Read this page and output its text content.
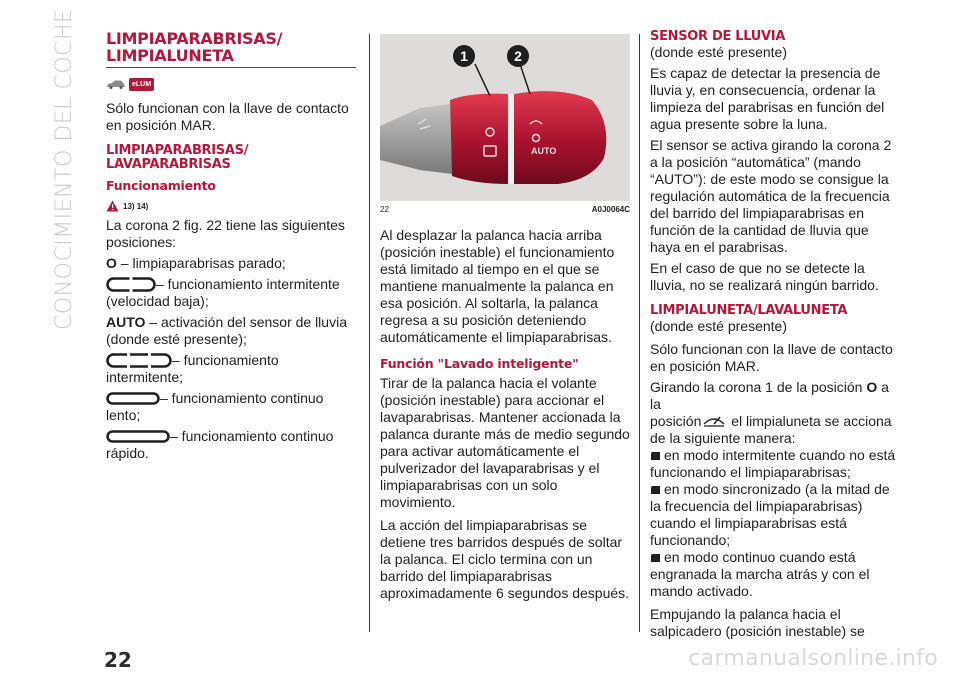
CONOCIMIENTO DEL COCHE	LIMPIAPARABRISAS/ LIMPIALUNETA
eLUM

Sólo funcionan con la llave de contacto en posición MAR.

LIMPIAPARABRISAS/ LAVAPARABRISAS
Funcionamiento
13) 14)

La corona 2 fig. 22 tiene las siguientes posiciones:

O – limpiaparabrisas parado;
– funcionamiento intermitente
(velocidad baja);
AUTO – activación del sensor de lluvia
(donde esté presente);
– funcionamiento
intermitente;
– funcionamiento continuo
lento;
– funcionamiento continuo
rápido.
AUTO
1	2
22	A0J0064C

Al desplazar la palanca hacia arriba (posición inestable) el funcionamiento está limitado al tiempo en el que se mantiene manualmente la palanca en esa posición. Al soltarla, la palanca regresa a su posición deteniendo automáticamente el limpiaparabrisas.

Función "Lavado inteligente"

Tirar de la palanca hacia el volante (posición inestable) para accionar el lavaparabrisas. Mantener accionada la palanca durante más de medio segundo para activar automáticamente el pulverizador del lavaparabrisas y el limpiaparabrisas con un solo movimiento.

La acción del limpiaparabrisas se detiene tres barridos después de soltar la palanca. El ciclo termina con un barrido del limpiaparabrisas aproximadamente 6 segundos después.

SENSOR DE LLUVIA

(donde esté presente)

Es capaz de detectar la presencia de lluvia y, en consecuencia, ordenar la limpieza del parabrisas en función del agua presente sobre la luna.

El sensor se activa girando la corona 2 a la posición “automática” (mando “AUTO”): de este modo se consigue la regulación automática de la frecuencia del barrido del limpiaparabrisas en función de la cantidad de lluvia que haya en el parabrisas.

En el caso de que no se detecte la lluvia, no se realizará ningún barrido.

LIMPIALUNETA/LAVALUNETA

(donde esté presente)

Sólo funcionan con la llave de contacto en posición MAR.

Girando la corona 1 de la posición O a la
posición el limpialuneta se acciona de la siguiente manera:

en modo intermitente cuando no está funcionando el limpiaparabrisas;
en modo sincronizado (a la mitad de la frecuencia del limpiaparabrisas) cuando el limpiaparabrisas está funcionando;
en modo continuo cuando está engranada la marcha atrás y con el mando activado.

Empujando la palanca hacia el salpicadero (posición inestable) se

22	carmanualsonline.info
